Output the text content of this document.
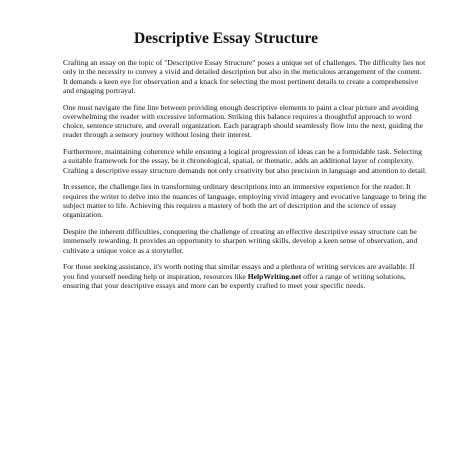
Descriptive Essay Structure

Crafting an essay on the topic of "Descriptive Essay Structure" poses a unique set of challenges. The difficulty lies not only in the necessity to convey a vivid and detailed description but also in the meticulous arrangement of the content. It demands a keen eye for observation and a knack for selecting the most pertinent details to create a comprehensive and engaging portrayal.

One must navigate the fine line between providing enough descriptive elements to paint a clear picture and avoiding overwhelming the reader with excessive information. Striking this balance requires a thoughtful approach to word choice, sentence structure, and overall organization. Each paragraph should seamlessly flow into the next, guiding the reader through a sensory journey without losing their interest.

Furthermore, maintaining coherence while ensuring a logical progression of ideas can be a formidable task. Selecting a suitable framework for the essay, be it chronological, spatial, or thematic, adds an additional layer of complexity. Crafting a descriptive essay structure demands not only creativity but also precision in language and attention to detail.

In essence, the challenge lies in transforming ordinary descriptions into an immersive experience for the reader. It requires the writer to delve into the nuances of language, employing vivid imagery and evocative language to bring the subject matter to life. Achieving this requires a mastery of both the art of description and the science of essay organization.

Despite the inherent difficulties, conquering the challenge of creating an effective descriptive essay structure can be immensely rewarding. It provides an opportunity to sharpen writing skills, develop a keen sense of observation, and cultivate a unique voice as a storyteller.

For those seeking assistance, it's worth noting that similar essays and a plethora of writing services are available. If you find yourself needing help or inspiration, resources like HelpWriting.net offer a range of writing solutions, ensuring that your descriptive essays and more can be expertly crafted to meet your specific needs.
